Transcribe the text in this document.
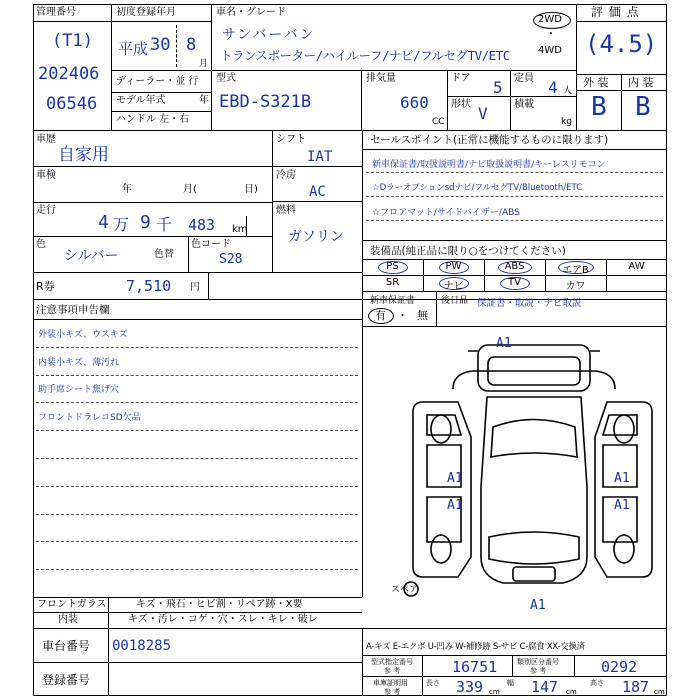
管理番号
(T1)
202406
06546
初度登録年月
平成 30 8
月
車名・グレード
サンバーバン
トランスポーター/ハイルーフ/ナビ/フルセグTV/ETC
2WD
・
4WD
評 価 点
(4.5)
外 装 内 装
B B
ディーラー・並 行
モデル年式	年
ハンドル 左・右
型式
EBD-S321B
排気量
660
CC
ドア 5 定員 4 人
形状 V	積載
kg
車歴
自家用
車検
年	月(	日)
走行
4 万 9 千 483 km
シフト
IAT
冷房
AC
燃料
ガソリン
色
シルバー	色替
色コード
S28
R券	7,510 円
セールスポイント(正常に機能するものに限ります)
新車保証書/取扱説明書/ナビ取扱説明書/キーレスリモコン
☆Dラーオプションsdナビ/フルセグTV/Bluetooth/ETC
☆フロアマット/サイドバイザー/ABS
装備品(純正品に限り○をつけてください)
PS	PW	ABS	エアB	AW
SR	ナビ	TV	カワ
新車保証書
有 ・ 無
後日品 保証書・取説・ナビ取説
注意事項申告欄
外装小キズ、ウスキズ
内装小キズ、薄汚れ
助手席シート焦げ穴
フロントドラレコSD欠品
A1
A1	A1
A1	A1
A1
スペア
フロントガラス	キズ・飛石・ヒビ割・リペア跡・X要
内装	キズ・汚レ・コゲ・穴・スレ・キレ・破レ
車台番号 0018285
登録番号
A-キズ E-エクボ U-凹み W-補修跡 S-サビ C-腐食 XX-交換済
型式指定番号
参 考	16751	類別区分番号
参 考	0292
車庫証明用
参 考
長さ 339 cm
幅 147 cm
高さ 187 cm
